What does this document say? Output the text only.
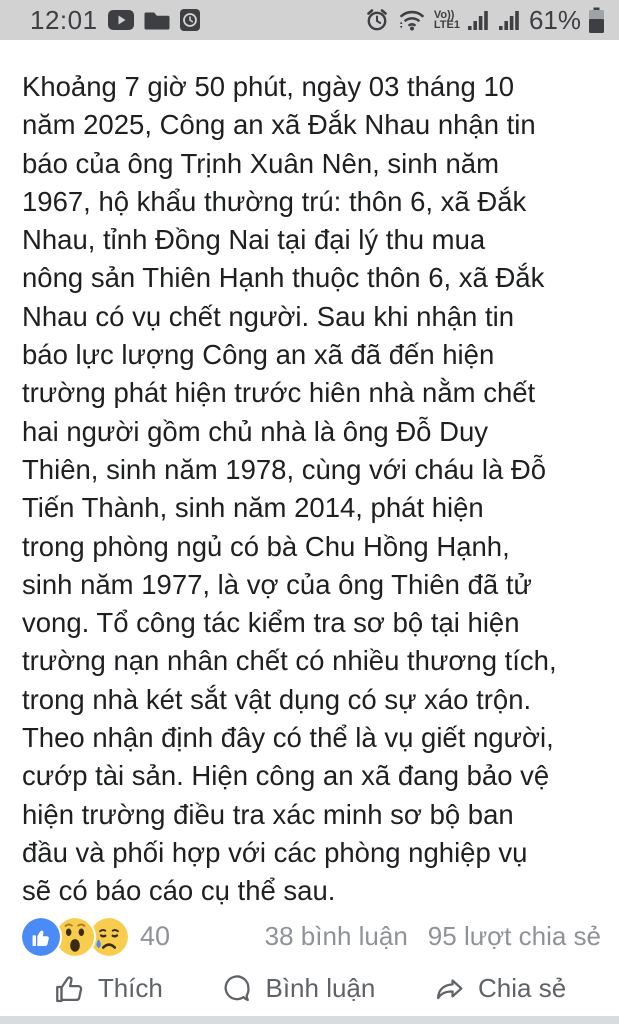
12:01	Vo))
LTE1	61%
Khoảng 7 giờ 50 phút, ngày 03 tháng 10
năm 2025, Công an xã Đắk Nhau nhận tin
báo của ông Trịnh Xuân Nên, sinh năm
1967, hộ khẩu thường trú: thôn 6, xã Đắk
Nhau, tỉnh Đồng Nai tại đại lý thu mua
nông sản Thiên Hạnh thuộc thôn 6, xã Đắk
Nhau có vụ chết người. Sau khi nhận tin
báo lực lượng Công an xã đã đến hiện
trường phát hiện trước hiên nhà nằm chết
hai người gồm chủ nhà là ông Đỗ Duy
Thiên, sinh năm 1978, cùng với cháu là Đỗ
Tiến Thành, sinh năm 2014, phát hiện
trong phòng ngủ có bà Chu Hồng Hạnh,
sinh năm 1977, là vợ của ông Thiên đã tử
vong. Tổ công tác kiểm tra sơ bộ tại hiện
trường nạn nhân chết có nhiều thương tích,
trong nhà két sắt vật dụng có sự xáo trộn.
Theo nhận định đây có thể là vụ giết người,
cướp tài sản. Hiện công an xã đang bảo vệ
hiện trường điều tra xác minh sơ bộ ban
đầu và phối hợp với các phòng nghiệp vụ
sẽ có báo cáo cụ thể sau.
40	38 bình luận 95 lượt chia sẻ
Thích	Bình luận	Chia sẻ
